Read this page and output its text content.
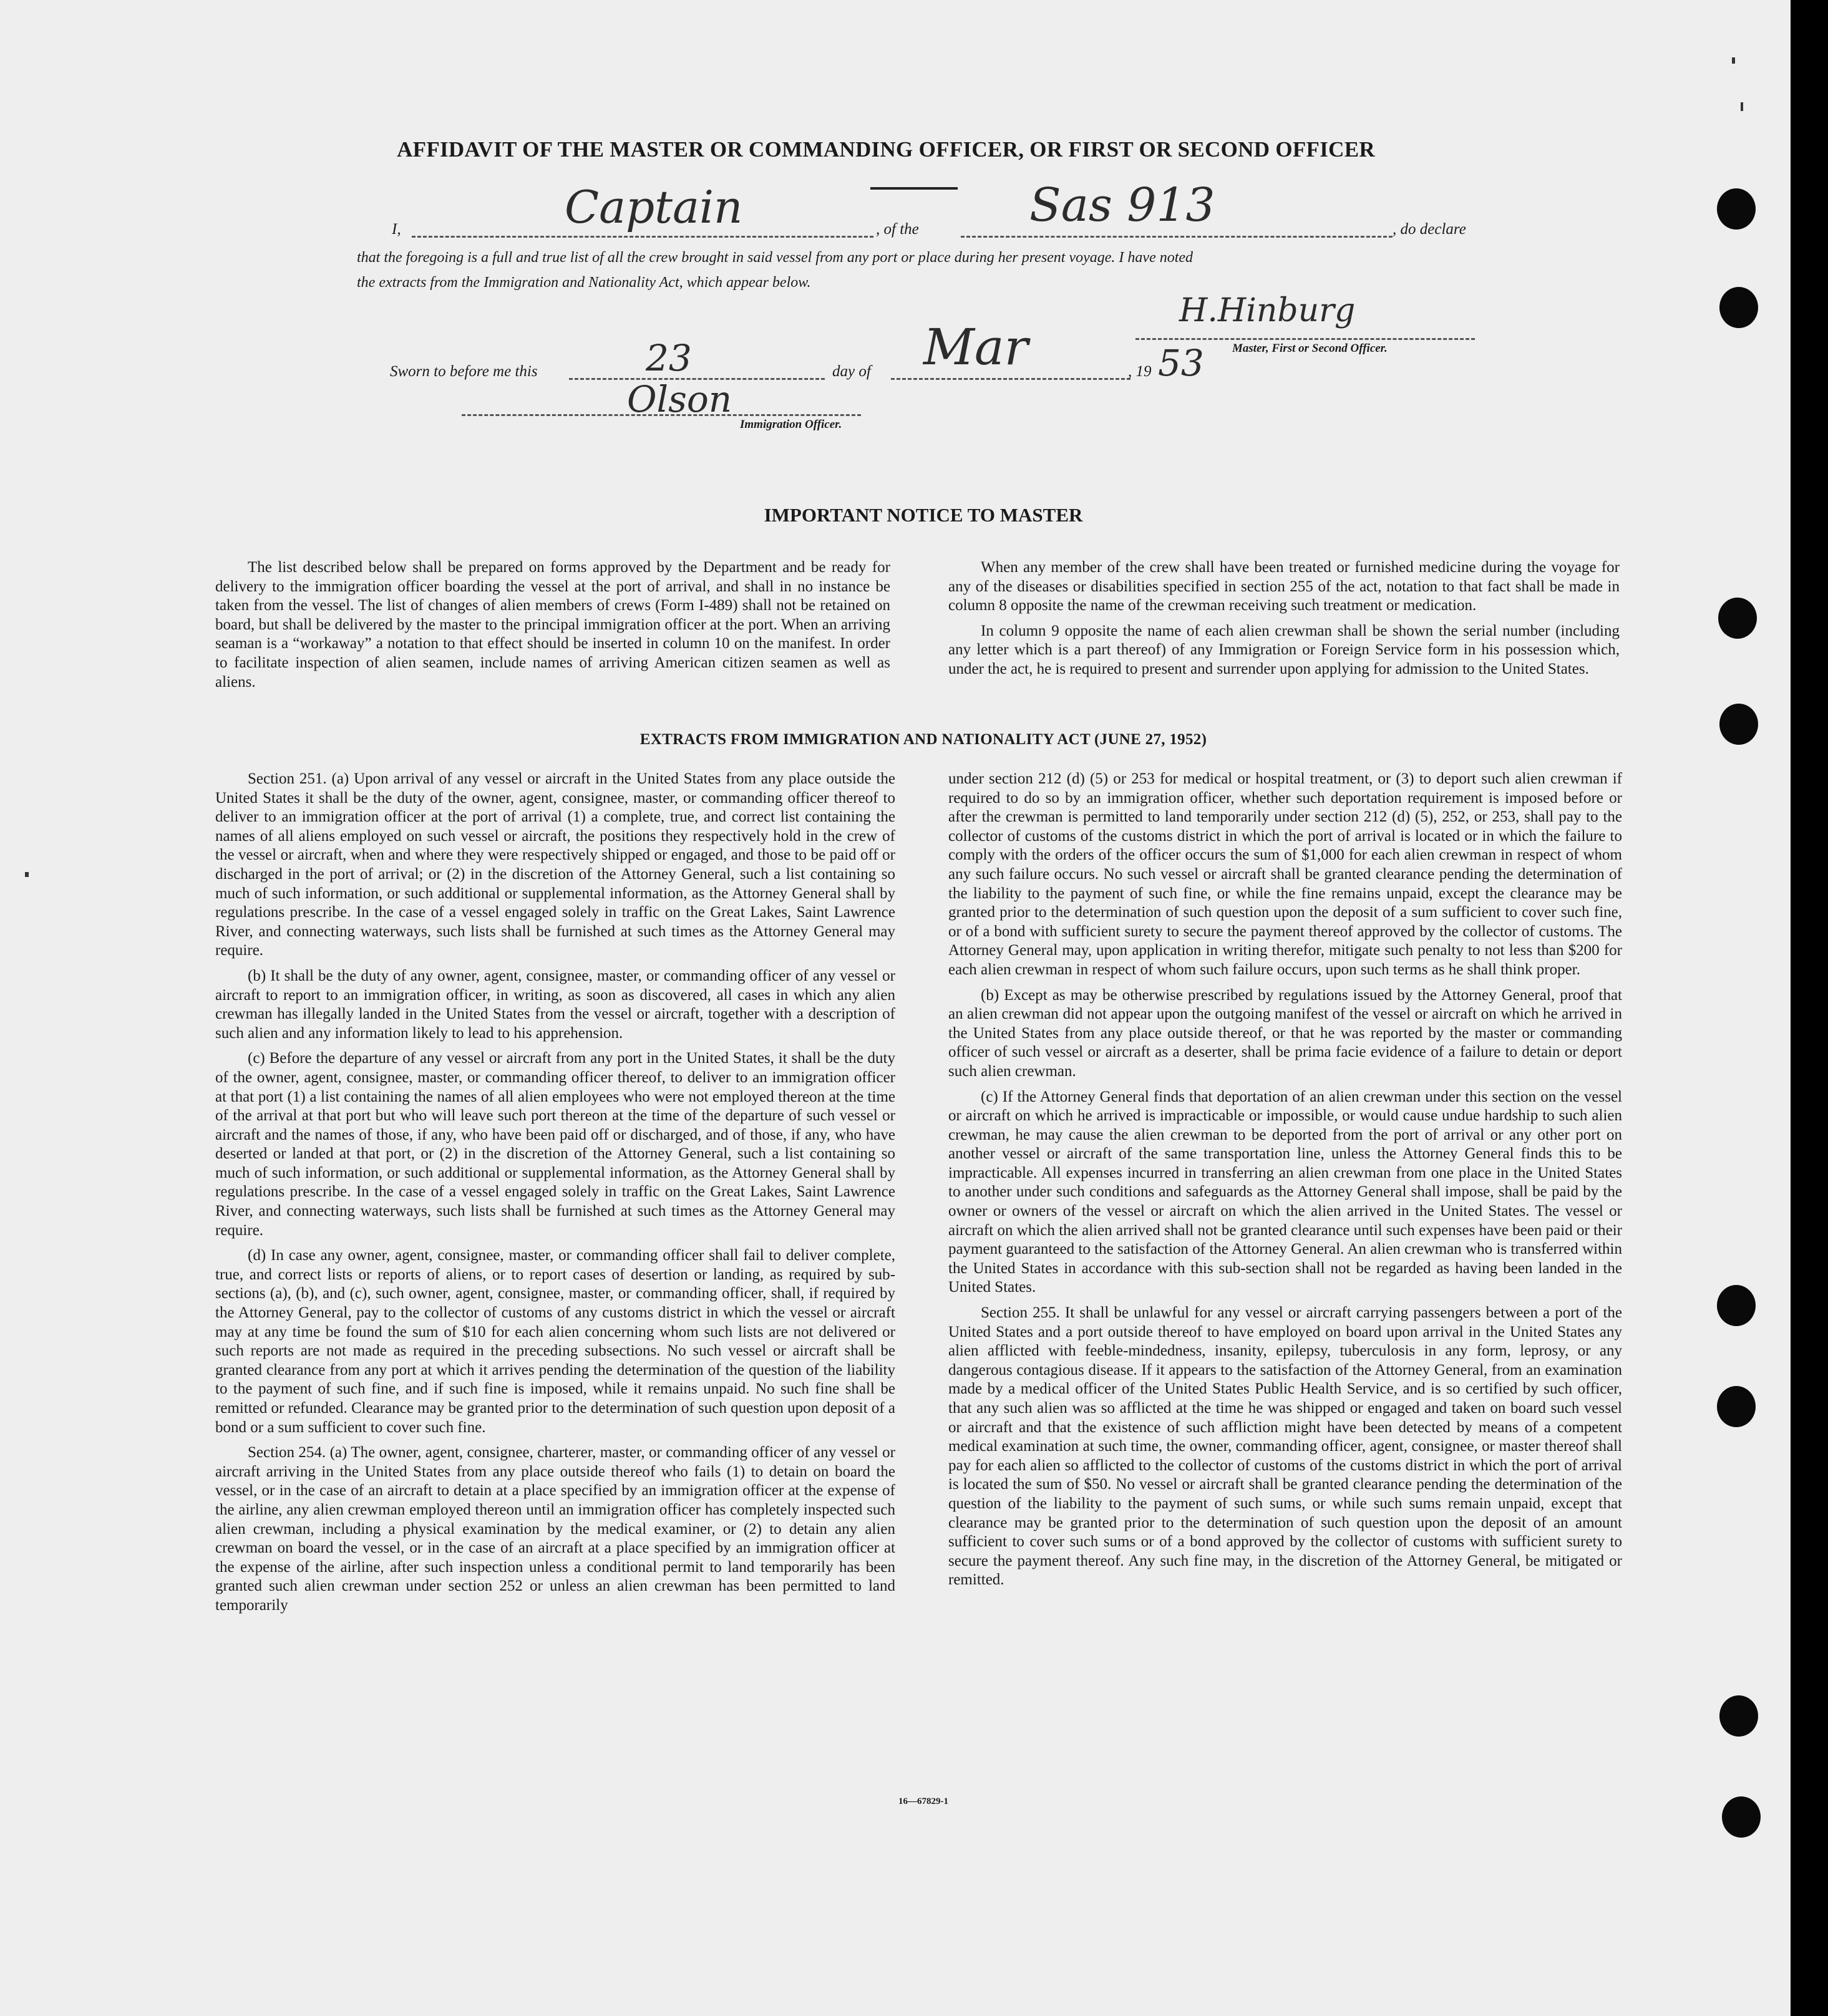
AFFIDAVIT OF THE MASTER OR COMMANDING OFFICER, OR FIRST OR SECOND OFFICER
I,	Captain	, of the Sas 913	, do declare
that the foregoing is a full and true list of all the crew brought in said vessel from any port or place during her present voyage. I have noted
the extracts from the Immigration and Nationality Act, which appear below.
H.Hinburg
Master, First or Second Officer.
Sworn to before me this	23	day of Mar	, 19 53
Olson
Immigration Officer.
IMPORTANT NOTICE TO MASTER

The list described below shall be prepared on forms approved by the Department and be ready for delivery to the immigration officer boarding the vessel at the port of arrival, and shall in no instance be taken from the vessel. The list of changes of alien members of crews (Form I-489) shall not be retained on board, but shall be delivered by the master to the principal immigration officer at the port. When an arriving seaman is a “workaway” a notation to that effect should be inserted in column 10 on the manifest. In order to facilitate inspection of alien seamen, include names of arriving American citizen seamen as well as aliens.

When any member of the crew shall have been treated or furnished medicine during the voyage for any of the diseases or disabilities specified in section 255 of the act, notation to that fact shall be made in column 8 opposite the name of the crewman receiving such treatment or medication.

In column 9 opposite the name of each alien crewman shall be shown the serial number (including any letter which is a part thereof) of any Immigration or Foreign Service form in his possession which, under the act, he is required to present and surrender upon applying for admission to the United States.

EXTRACTS FROM IMMIGRATION AND NATIONALITY ACT (JUNE 27, 1952)

Section 251. (a) Upon arrival of any vessel or aircraft in the United States from any place outside the United States it shall be the duty of the owner, agent, consignee, master, or commanding officer thereof to deliver to an immigration officer at the port of arrival (1) a complete, true, and correct list containing the names of all aliens employed on such vessel or aircraft, the positions they respectively hold in the crew of the vessel or aircraft, when and where they were respectively shipped or engaged, and those to be paid off or discharged in the port of arrival; or (2) in the discretion of the Attorney General, such a list containing so much of such information, or such additional or supplemental information, as the Attorney General shall by regulations prescribe. In the case of a vessel engaged solely in traffic on the Great Lakes, Saint Lawrence River, and connecting waterways, such lists shall be furnished at such times as the Attorney General may require.

(b) It shall be the duty of any owner, agent, consignee, master, or commanding officer of any vessel or aircraft to report to an immigration officer, in writing, as soon as discovered, all cases in which any alien crewman has illegally landed in the United States from the vessel or aircraft, together with a description of such alien and any information likely to lead to his apprehension.

(c) Before the departure of any vessel or aircraft from any port in the United States, it shall be the duty of the owner, agent, consignee, master, or commanding officer thereof, to deliver to an immigration officer at that port (1) a list containing the names of all alien employees who were not employed thereon at the time of the arrival at that port but who will leave such port thereon at the time of the departure of such vessel or aircraft and the names of those, if any, who have been paid off or discharged, and of those, if any, who have deserted or landed at that port, or (2) in the discretion of the Attorney General, such a list containing so much of such information, or such additional or supplemental information, as the Attorney General shall by regulations prescribe. In the case of a vessel engaged solely in traffic on the Great Lakes, Saint Lawrence River, and connecting waterways, such lists shall be furnished at such times as the Attorney General may require.

(d) In case any owner, agent, consignee, master, or commanding officer shall fail to deliver complete, true, and correct lists or reports of aliens, or to report cases of desertion or landing, as required by sub-sections (a), (b), and (c), such owner, agent, consignee, master, or commanding officer, shall, if required by the Attorney General, pay to the collector of customs of any customs district in which the vessel or aircraft may at any time be found the sum of $10 for each alien concerning whom such lists are not delivered or such reports are not made as required in the preceding subsections. No such vessel or aircraft shall be granted clearance from any port at which it arrives pending the determination of the question of the liability to the payment of such fine, and if such fine is imposed, while it remains unpaid. No such fine shall be remitted or refunded. Clearance may be granted prior to the determination of such question upon deposit of a bond or a sum sufficient to cover such fine.

Section 254. (a) The owner, agent, consignee, charterer, master, or commanding officer of any vessel or aircraft arriving in the United States from any place outside thereof who fails (1) to detain on board the vessel, or in the case of an aircraft to detain at a place specified by an immigration officer at the expense of the airline, any alien crewman employed thereon until an immigration officer has completely inspected such alien crewman, including a physical examination by the medical examiner, or (2) to detain any alien crewman on board the vessel, or in the case of an aircraft at a place specified by an immigration officer at the expense of the airline, after such inspection unless a conditional permit to land temporarily has been granted such alien crewman under section 252 or unless an alien crewman has been permitted to land temporarily

under section 212 (d) (5) or 253 for medical or hospital treatment, or (3) to deport such alien crewman if required to do so by an immigration officer, whether such deportation requirement is imposed before or after the crewman is permitted to land temporarily under section 212 (d) (5), 252, or 253, shall pay to the collector of customs of the customs district in which the port of arrival is located or in which the failure to comply with the orders of the officer occurs the sum of $1,000 for each alien crewman in respect of whom any such failure occurs. No such vessel or aircraft shall be granted clearance pending the determination of the liability to the payment of such fine, or while the fine remains unpaid, except the clearance may be granted prior to the determination of such question upon the deposit of a sum sufficient to cover such fine, or of a bond with sufficient surety to secure the payment thereof approved by the collector of customs. The Attorney General may, upon application in writing therefor, mitigate such penalty to not less than $200 for each alien crewman in respect of whom such failure occurs, upon such terms as he shall think proper.

(b) Except as may be otherwise prescribed by regulations issued by the Attorney General, proof that an alien crewman did not appear upon the outgoing manifest of the vessel or aircraft on which he arrived in the United States from any place outside thereof, or that he was reported by the master or commanding officer of such vessel or aircraft as a deserter, shall be prima facie evidence of a failure to detain or deport such alien crewman.

(c) If the Attorney General finds that deportation of an alien crewman under this section on the vessel or aircraft on which he arrived is impracticable or impossible, or would cause undue hardship to such alien crewman, he may cause the alien crewman to be deported from the port of arrival or any other port on another vessel or aircraft of the same transportation line, unless the Attorney General finds this to be impracticable. All expenses incurred in transferring an alien crewman from one place in the United States to another under such conditions and safeguards as the Attorney General shall impose, shall be paid by the owner or owners of the vessel or aircraft on which the alien arrived in the United States. The vessel or aircraft on which the alien arrived shall not be granted clearance until such expenses have been paid or their payment guaranteed to the satisfaction of the Attorney General. An alien crewman who is transferred within the United States in accordance with this sub-section shall not be regarded as having been landed in the United States.

Section 255. It shall be unlawful for any vessel or aircraft carrying passengers between a port of the United States and a port outside thereof to have employed on board upon arrival in the United States any alien afflicted with feeble-mindedness, insanity, epilepsy, tuberculosis in any form, leprosy, or any dangerous contagious disease. If it appears to the satisfaction of the Attorney General, from an examination made by a medical officer of the United States Public Health Service, and is so certified by such officer, that any such alien was so afflicted at the time he was shipped or engaged and taken on board such vessel or aircraft and that the existence of such affliction might have been detected by means of a competent medical examination at such time, the owner, commanding officer, agent, consignee, or master thereof shall pay for each alien so afflicted to the collector of customs of the customs district in which the port of arrival is located the sum of $50. No vessel or aircraft shall be granted clearance pending the determination of the question of the liability to the payment of such sums, or while such sums remain unpaid, except that clearance may be granted prior to the determination of such question upon the deposit of an amount sufficient to cover such sums or of a bond approved by the collector of customs with sufficient surety to secure the payment thereof. Any such fine may, in the discretion of the Attorney General, be mitigated or remitted.

16—67829-1
